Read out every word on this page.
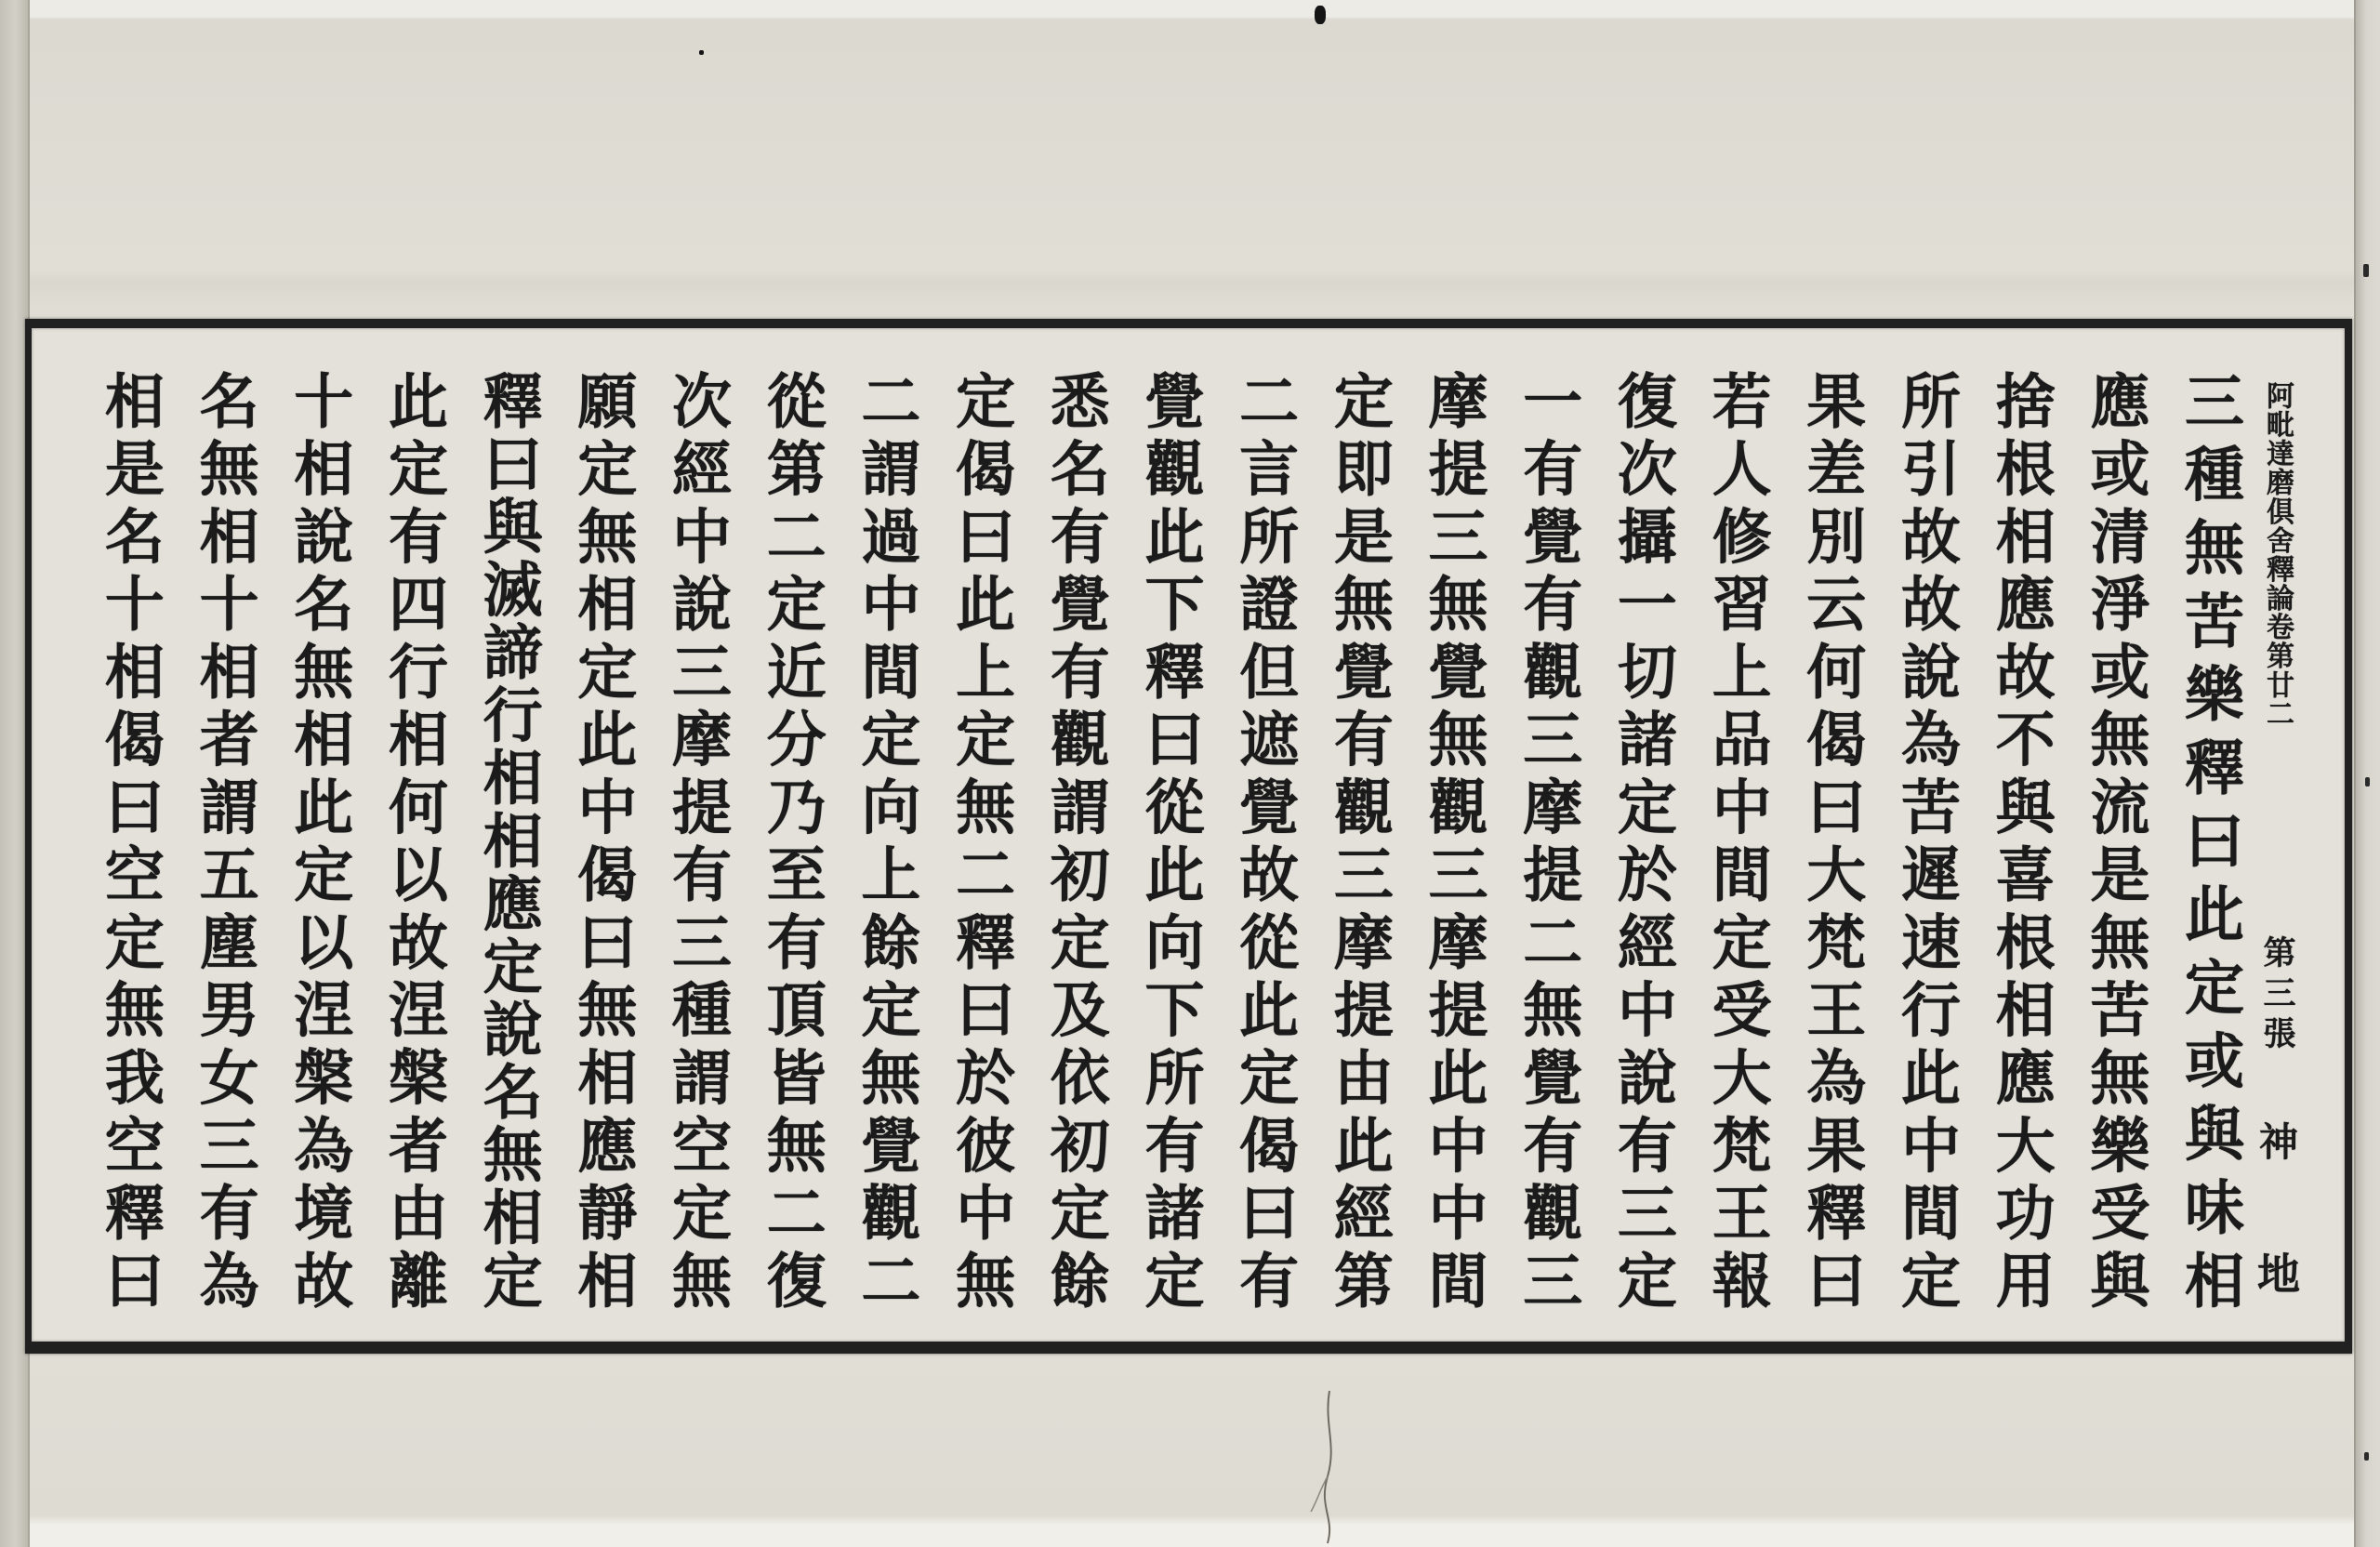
三種無苦樂釋曰此定或與味相
應或清淨或無流是無苦無樂受與
捨根相應故不與喜根相應大功用
所引故故說為苦遲速行此中間定
果差別云何偈曰大梵王為果釋曰
若人修習上品中間定受大梵王報
復次攝一切諸定於經中說有三定
一有覺有觀三摩提二無覺有觀三
摩提三無覺無觀三摩提此中中間
定即是無覺有觀三摩提由此經第
二言所證但遮覺故從此定偈曰有
覺觀此下釋曰從此向下所有諸定
悉名有覺有觀謂初定及依初定餘
定偈曰此上定無二釋曰於彼中無
二謂過中間定向上餘定無覺觀二
從第二定近分乃至有頂皆無二復
次經中說三摩提有三種謂空定無
願定無相定此中偈曰無相應靜相
釋曰與滅諦行相相應定說名無相定
此定有四行相何以故涅槃者由離
十相說名無相此定以涅槃為境故
名無相十相者謂五塵男女三有為
相是名十相偈曰空定無我空釋曰	阿毗達磨俱舍釋論卷第廿二
第三張
神
地
